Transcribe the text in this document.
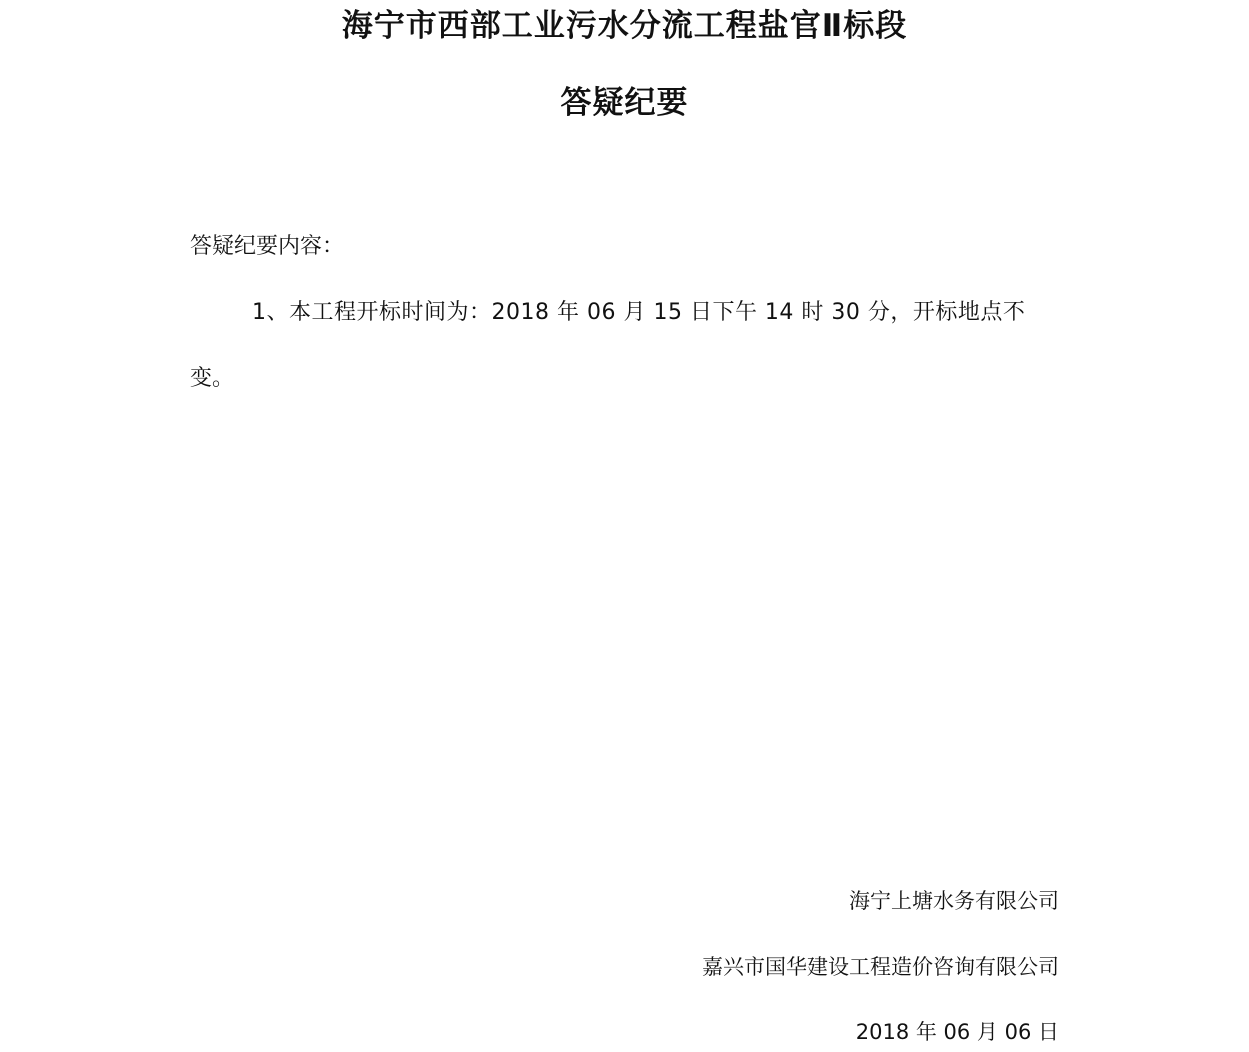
海宁市西部工业污水分流工程盐官Ⅱ标段
答疑纪要

答疑纪要内容：

1、本工程开标时间为：2018 年 06 月 15 日下午 14 时 30 分，开标地点不

变。

海宁上塘水务有限公司

嘉兴市国华建设工程造价咨询有限公司

2018 年 06 月 06 日
